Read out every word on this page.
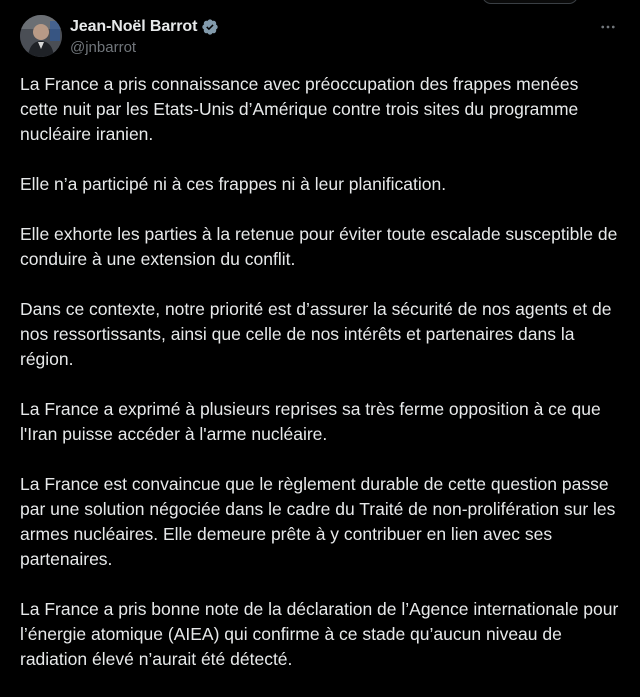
Jean-Noël Barrot
@jnbarrot

La France a pris connaissance avec préoccupation des frappes menées cette nuit par les Etats-Unis d’Amérique contre trois sites du programme nucléaire iranien.

Elle n’a participé ni à ces frappes ni à leur planification.

Elle exhorte les parties à la retenue pour éviter toute escalade susceptible de conduire à une extension du conflit.

Dans ce contexte, notre priorité est d’assurer la sécurité de nos agents et de nos ressortissants, ainsi que celle de nos intérêts et partenaires dans la région.

La France a exprimé à plusieurs reprises sa très ferme opposition à ce que l'Iran puisse accéder à l'arme nucléaire.

La France est convaincue que le règlement durable de cette question passe par une solution négociée dans le cadre du Traité de non-prolifération sur les armes nucléaires. Elle demeure prête à y contribuer en lien avec ses partenaires.

La France a pris bonne note de la déclaration de l’Agence internationale pour l’énergie atomique (AIEA) qui confirme à ce stade qu’aucun niveau de radiation élevé n’aurait été détecté.
